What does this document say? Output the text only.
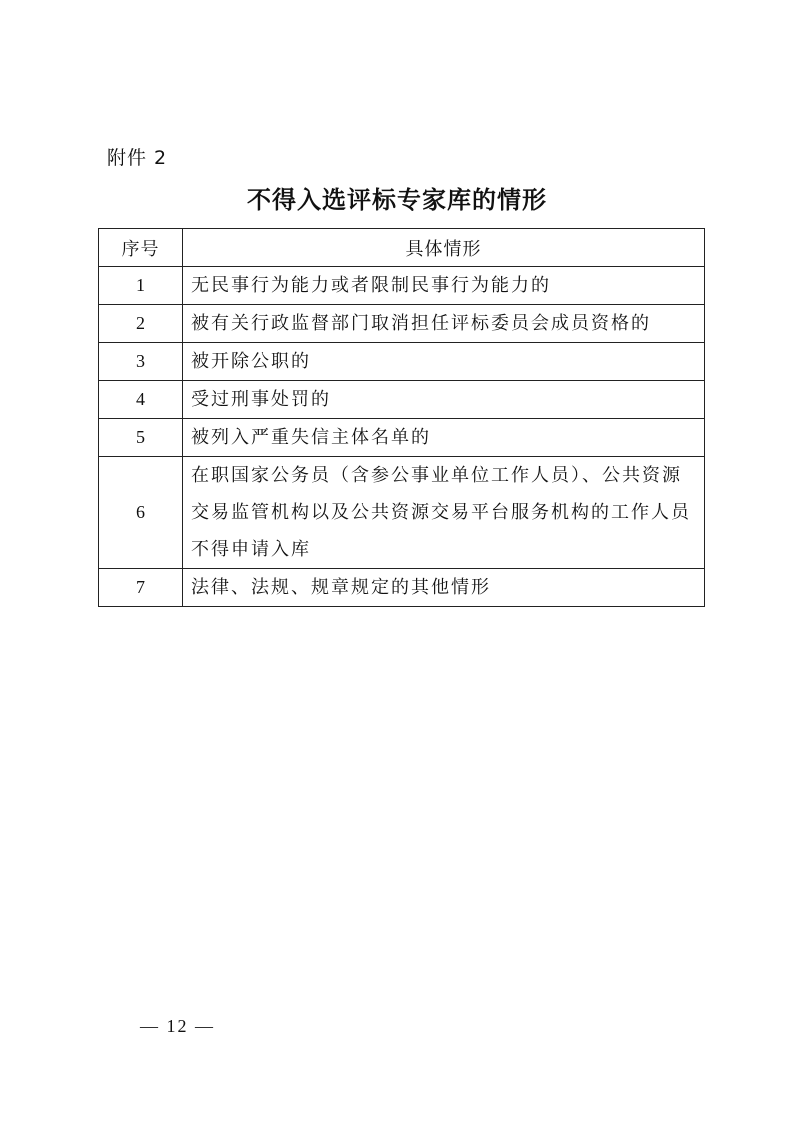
附件 2
不得入选评标专家库的情形
序号	具体情形
1	无民事行为能力或者限制民事行为能力的
2	被有关行政监督部门取消担任评标委员会成员资格的
3	被开除公职的
4	受过刑事处罚的
5	被列入严重失信主体名单的
6	在职国家公务员（含参公事业单位工作人员）、公共资源交易监管机构以及公共资源交易平台服务机构的工作人员不得申请入库
7	法律、法规、规章规定的其他情形
— 12 —
